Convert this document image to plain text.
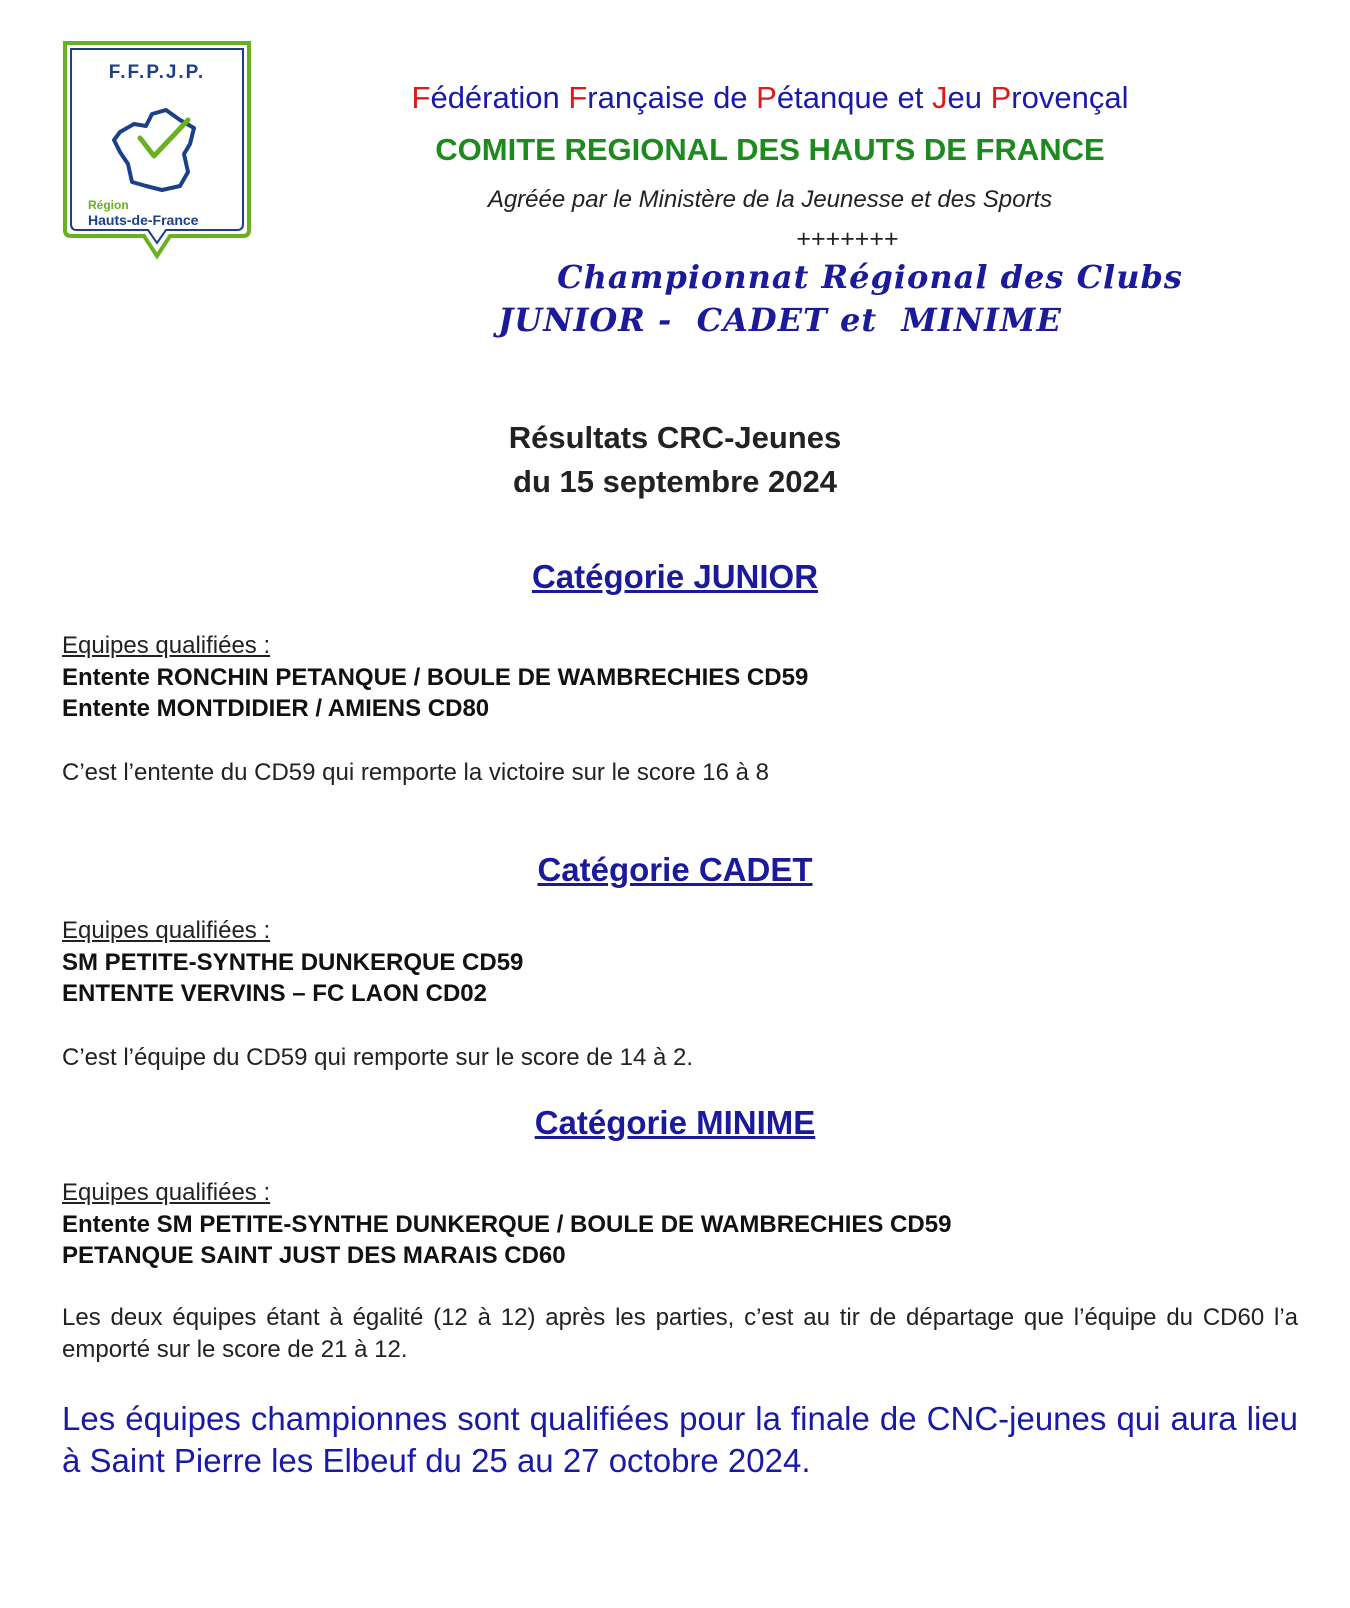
F.F.P.J.P.
Région
Hauts-de-France
Fédération Française de Pétanque et Jeu Provençal
COMITE REGIONAL DES HAUTS DE FRANCE
Agréée par le Ministère de la Jeunesse et des Sports
+++++++
Championnat Régional des Clubs
JUNIOR -  CADET et  MINIME
Résultats CRC-Jeunes
du 15 septembre 2024
Catégorie JUNIOR
Equipes qualifiées :
Entente RONCHIN PETANQUE / BOULE DE WAMBRECHIES CD59
Entente MONTDIDIER / AMIENS CD80
C’est l’entente du CD59 qui remporte la victoire sur le score 16 à 8
Catégorie CADET
Equipes qualifiées :
SM PETITE-SYNTHE DUNKERQUE CD59
ENTENTE VERVINS – FC LAON CD02
C’est l’équipe du CD59 qui remporte sur le score de 14 à 2.
Catégorie MINIME
Equipes qualifiées :
Entente SM PETITE-SYNTHE DUNKERQUE / BOULE DE WAMBRECHIES CD59
PETANQUE SAINT JUST DES MARAIS CD60
Les deux équipes étant à égalité (12 à 12) après les parties, c’est au tir de départage que l’équipe du CD60 l’a emporté sur le score de 21 à 12.
Les équipes championnes sont qualifiées pour la finale de CNC-jeunes qui aura lieu à Saint Pierre les Elbeuf du 25 au 27 octobre 2024.
